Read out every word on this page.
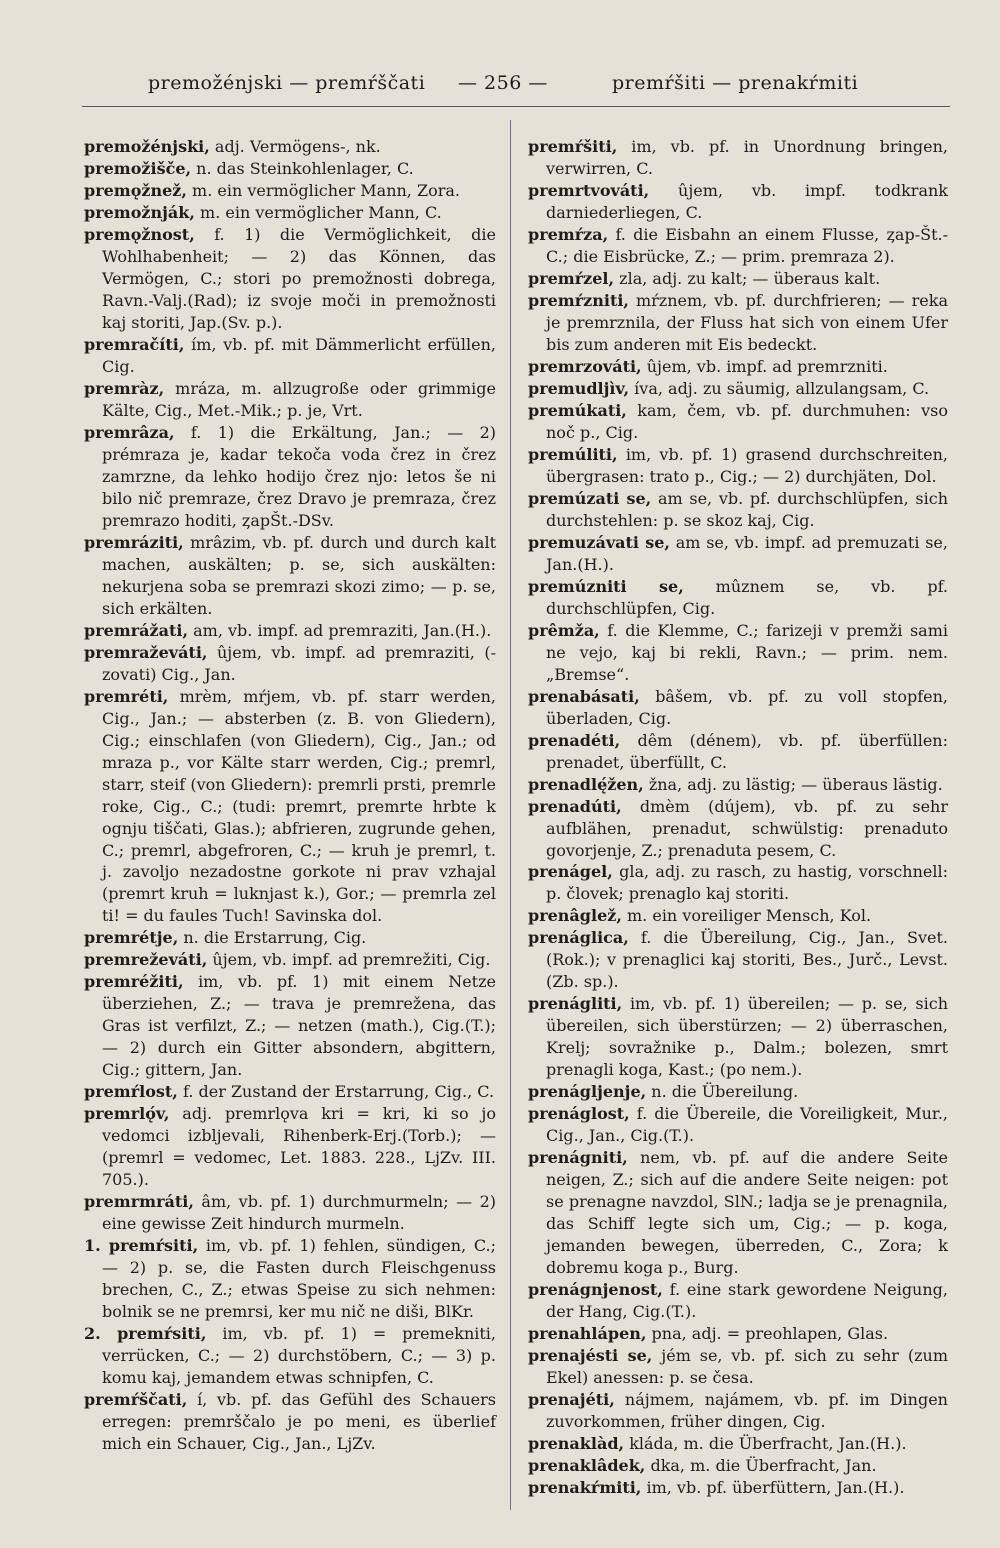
premožénjski — premŕščati — 256 —	premŕšiti — prenakŕmiti

premožénjski, adj. Vermögens-, nk.

premožišče, n. das Steinkohlenlager, C.

premǫžnež, m. ein vermöglicher Mann, Zora.

premožnják, m. ein vermöglicher Mann, C.

premǫžnost, f. 1) die Vermöglichkeit, die Wohlhabenheit; — 2) das Können, das Vermögen, C.; stori po premožnosti dobrega, Ravn.-Valj.(Rad); iz svoje moči in premožnosti kaj storiti, Jap.(Sv. p.).

premračíti, ím, vb. pf. mit Dämmerlicht erfüllen, Cig.

premràz, mráza, m. allzugroße oder grimmige Kälte, Cig., Met.-Mik.; p. je, Vrt.

premrâza, f. 1) die Erkältung, Jan.; — 2) prémraza je, kadar tekoča voda črez in črez zamrzne, da lehko hodijo črez njo: letos še ni bilo nič premraze, črez Dravo je premraza, črez premrazo hoditi, ȥapŠt.-DSv.

premráziti, mrâzim, vb. pf. durch und durch kalt machen, auskälten; p. se, sich auskälten: nekurjena soba se premrazi skozi zimo; — p. se, sich erkälten.

premrážati, am, vb. impf. ad premraziti, Jan.(H.).

premraževáti, ûjem, vb. impf. ad premraziti, (-zovati) Cig., Jan.

premréti, mrèm, mŕjem, vb. pf. starr werden, Cig., Jan.; — absterben (z. B. von Gliedern), Cig.; einschlafen (von Gliedern), Cig., Jan.; od mraza p., vor Kälte starr werden, Cig.; premrl, starr, steif (von Gliedern): premrli prsti, premrle roke, Cig., C.; (tudi: premrt, premrte hrbte k ognju tiščati, Glas.); abfrieren, zugrunde gehen, C.; premrl, abgefroren, C.; — kruh je premrl, t. j. zavoljo nezadostne gorkote ni prav vzhajal (premrt kruh = luknjast k.), Gor.; — premrla zel ti! = du faules Tuch! Savinska dol.

premrétje, n. die Erstarrung, Cig.

premreževáti, ûjem, vb. impf. ad premrežiti, Cig.

premréžiti, im, vb. pf. 1) mit einem Netze überziehen, Z.; — trava je premrežena, das Gras ist verfilzt, Z.; — netzen (math.), Cig.(T.); — 2) durch ein Gitter absondern, abgittern, Cig.; gittern, Jan.

premŕlost, f. der Zustand der Erstarrung, Cig., C.

premrlǫ́v, adj. premrlǫva kri = kri, ki so jo vedomci izbljevali, Rihenberk-Erj.(Torb.); — (premrl = vedomec, Let. 1883. 228., LjZv. III. 705.).

premrmráti, âm, vb. pf. 1) durchmurmeln; — 2) eine gewisse Zeit hindurch murmeln.

1. premŕsiti, im, vb. pf. 1) fehlen, sündigen, C.; — 2) p. se, die Fasten durch Fleischgenuss brechen, C., Z.; etwas Speise zu sich nehmen: bolnik se ne premrsi, ker mu nič ne diši, BlKr.

2. premŕsiti, im, vb. pf. 1) = premekniti, verrücken, C.; — 2) durchstöbern, C.; — 3) p. komu kaj, jemandem etwas schnipfen, C.

premŕščati, í, vb. pf. das Gefühl des Schauers erregen: premrščalo je po meni, es überlief mich ein Schauer, Cig., Jan., LjZv.

premŕšiti, im, vb. pf. in Unordnung bringen, verwirren, C.

premrtvováti, ûjem, vb. impf. todkrank darniederliegen, C.

premŕza, f. die Eisbahn an einem Flusse, ȥap-Št.-C.; die Eisbrücke, Z.; — prim. premraza 2).

premŕzel, zla, adj. zu kalt; — überaus kalt.

premŕzniti, mŕznem, vb. pf. durchfrieren; — reka je premrznila, der Fluss hat sich von einem Ufer bis zum anderen mit Eis bedeckt.

premrzováti, ûjem, vb. impf. ad premrzniti.

premudljìv, íva, adj. zu säumig, allzulangsam, C.

premúkati, kam, čem, vb. pf. durchmuhen: vso noč p., Cig.

premúliti, im, vb. pf. 1) grasend durchschreiten, übergrasen: trato p., Cig.; — 2) durchjäten, Dol.

premúzati se, am se, vb. pf. durchschlüpfen, sich durchstehlen: p. se skoz kaj, Cig.

premuzávati se, am se, vb. impf. ad premuzati se, Jan.(H.).

premúzniti se, mûznem se, vb. pf. durchschlüpfen, Cig.

prêmža, f. die Klemme, C.; farizeji v premži sami ne vejo, kaj bi rekli, Ravn.; — prim. nem. „Bremse“.

prenabásati, bâšem, vb. pf. zu voll stopfen, überladen, Cig.

prenadéti, dêm (dénem), vb. pf. überfüllen: prenadet, überfüllt, C.

prenadlę́žen, žna, adj. zu lästig; — überaus lästig.

prenadúti, dmèm (dújem), vb. pf. zu sehr aufblähen, prenadut, schwülstig: prenaduto govorjenje, Z.; prenaduta pesem, C.

prenágel, gla, adj. zu rasch, zu hastig, vorschnell: p. človek; prenaglo kaj storiti.

prenâglež, m. ein voreiliger Mensch, Kol.

prenáglica, f. die Übereilung, Cig., Jan., Svet.(Rok.); v prenaglici kaj storiti, Bes., Jurč., Levst.(Zb. sp.).

prenágliti, im, vb. pf. 1) übereilen; — p. se, sich übereilen, sich überstürzen; — 2) überraschen, Krelj; sovražnike p., Dalm.; bolezen, smrt prenagli koga, Kast.; (po nem.).

prenágljenje, n. die Übereilung.

prenáglost, f. die Übereile, die Voreiligkeit, Mur., Cig., Jan., Cig.(T.).

prenágniti, nem, vb. pf. auf die andere Seite neigen, Z.; sich auf die andere Seite neigen: pot se prenagne navzdol, SlN.; ladja se je prenagnila, das Schiff legte sich um, Cig.; — p. koga, jemanden bewegen, überreden, C., Zora; k dobremu koga p., Burg.

prenágnjenost, f. eine stark gewordene Neigung, der Hang, Cig.(T.).

prenahlápen, pna, adj. = preohlapen, Glas.

prenajésti se, jém se, vb. pf. sich zu sehr (zum Ekel) anessen: p. se česa.

prenajéti, nájmem, najámem, vb. pf. im Dingen zuvorkommen, früher dingen, Cig.

prenaklàd, kláda, m. die Überfracht, Jan.(H.).

prenaklâdek, dka, m. die Überfracht, Jan.

prenakŕmiti, im, vb. pf. überfüttern, Jan.(H.).
